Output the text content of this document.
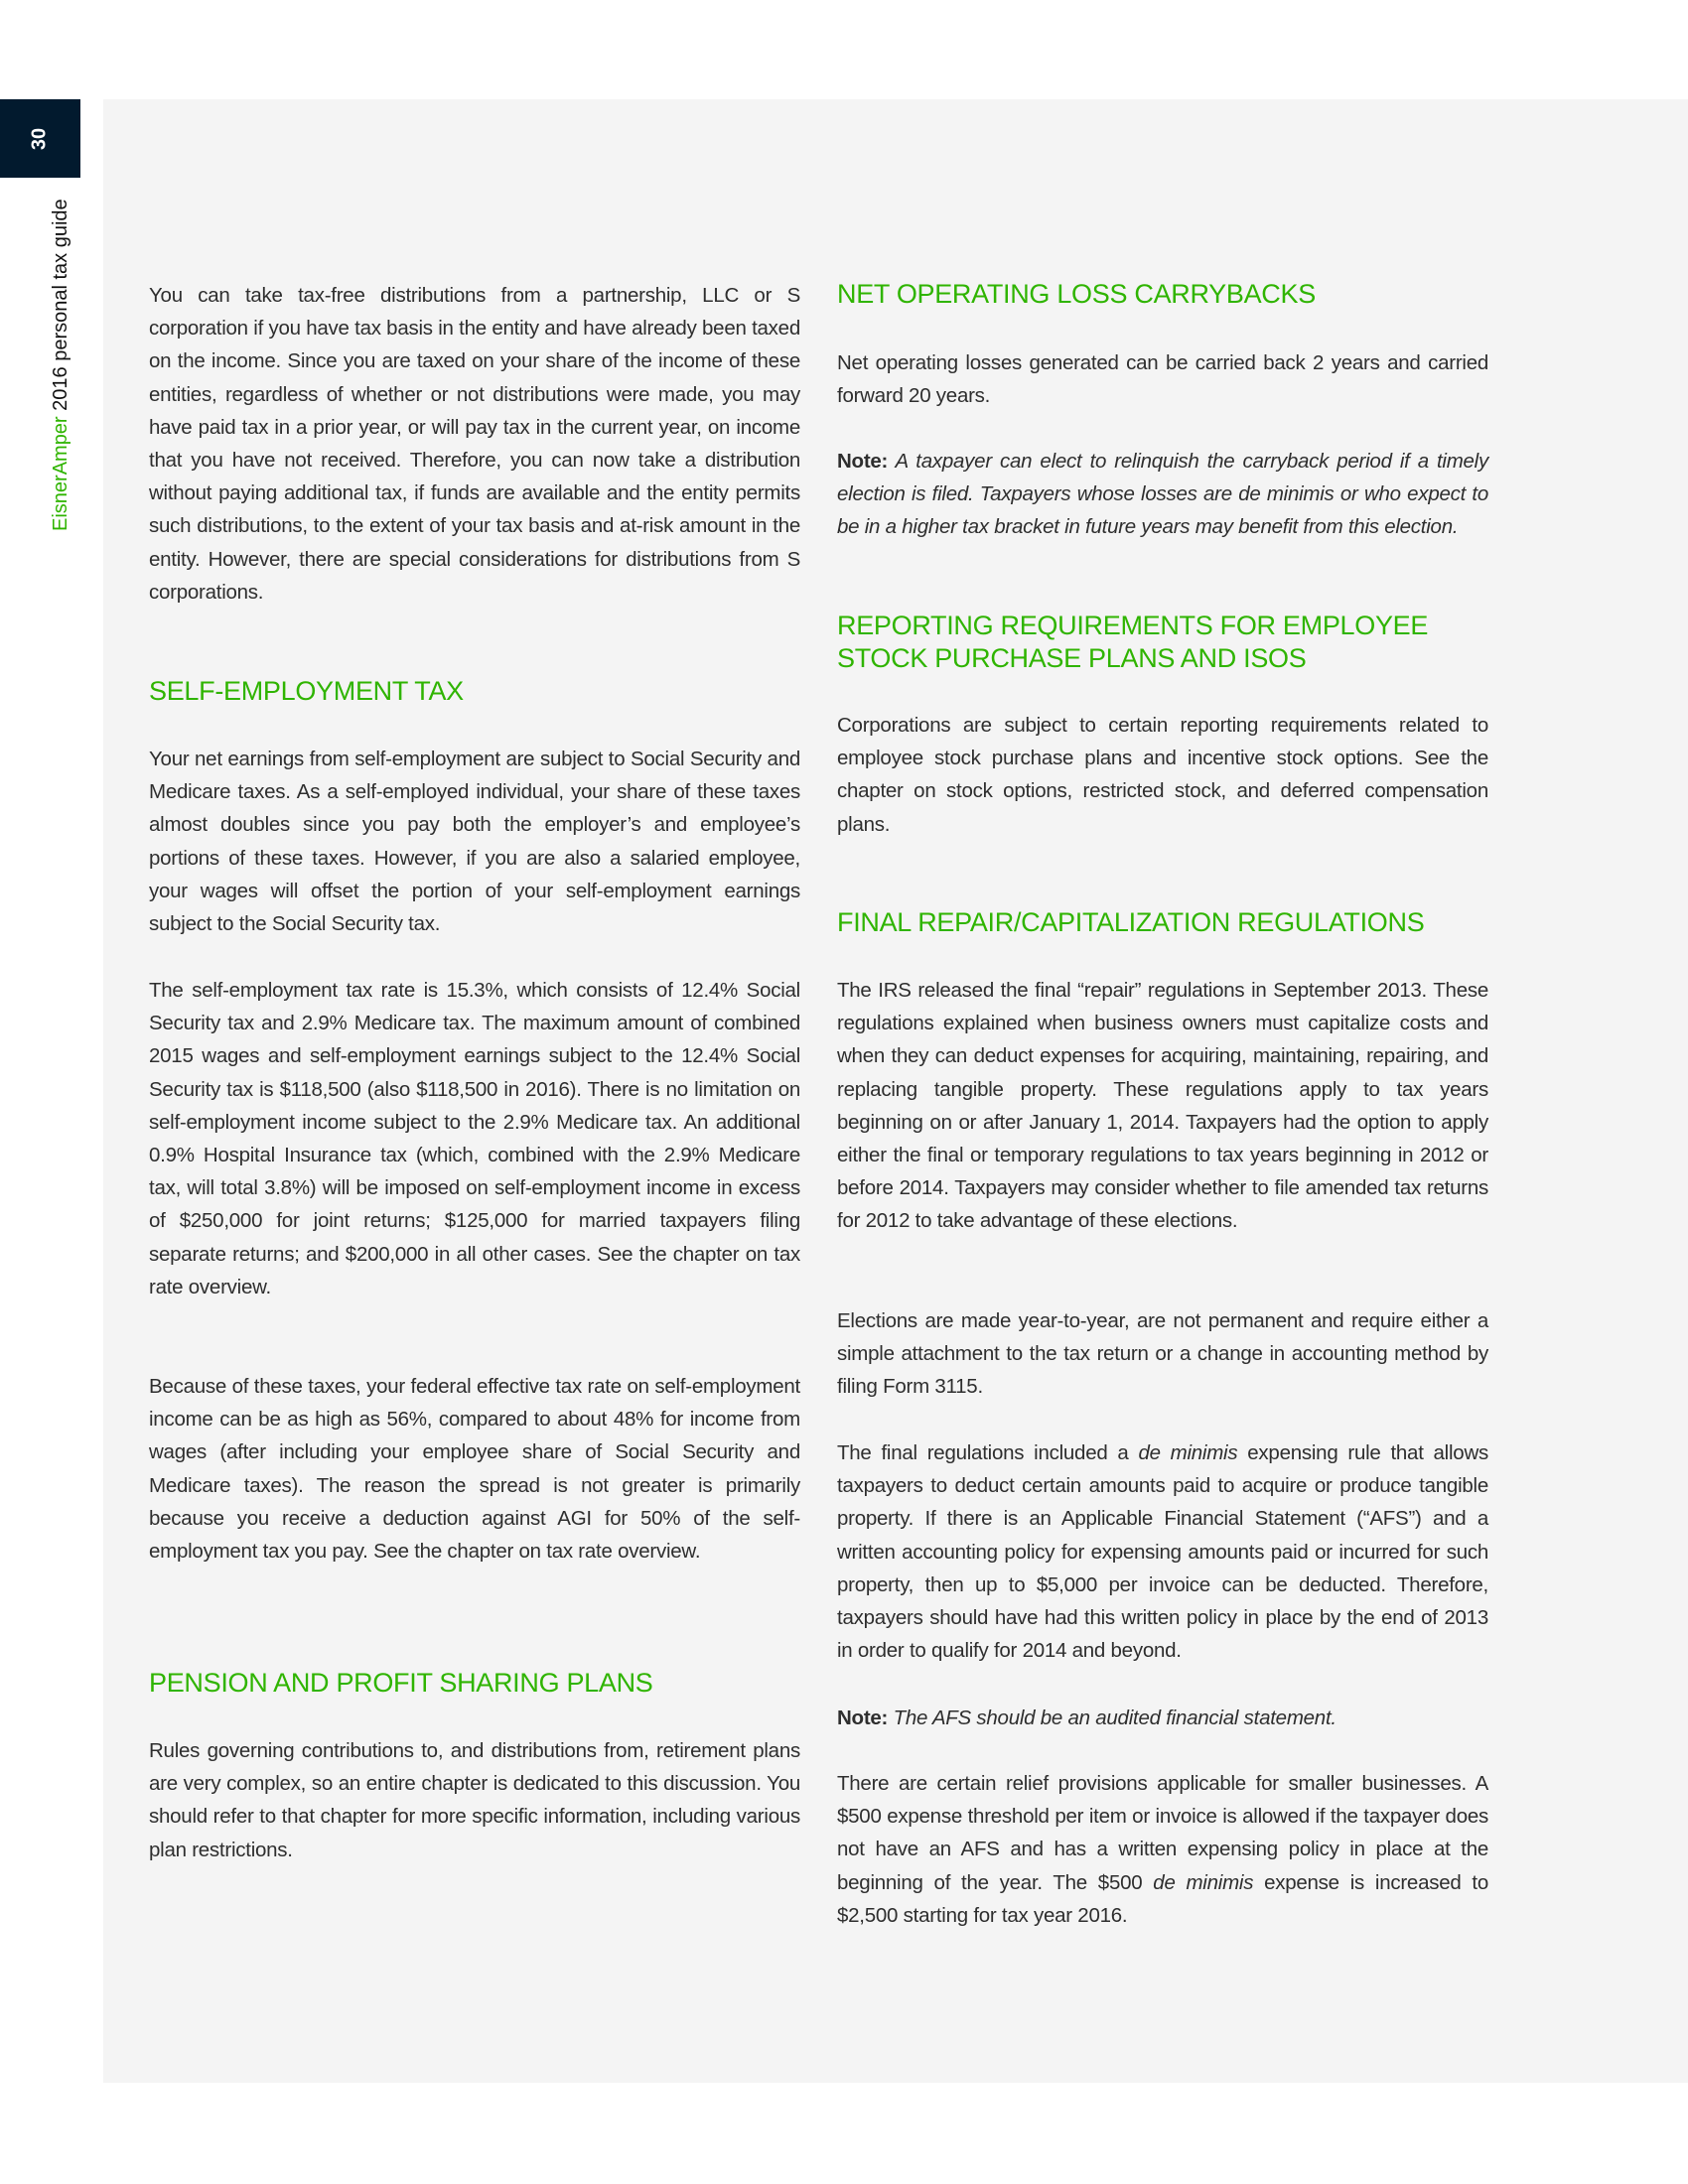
30
EisnerAmper 2016 personal tax guide	You can take tax-free distributions from a partnership, LLC or S corporation if you have tax basis in the entity and have already been taxed on the income. Since you are taxed on your share of the income of these entities, regardless of whether or not distributions were made, you may have paid tax in a prior year, or will pay tax in the current year, on income that you have not received. Therefore, you can now take a distribution without paying additional tax, if funds are available and the entity permits such distributions, to the extent of your tax basis and at-risk amount in the entity. However, there are special considerations for distributions from S corporations.

SELF-EMPLOYMENT TAX

Your net earnings from self-employment are subject to Social Security and Medicare taxes. As a self-employed individual, your share of these taxes almost doubles since you pay both the employer’s and employee’s portions of these taxes. However, if you are also a salaried employee, your wages will offset the portion of your self-employment earnings subject to the Social Security tax.

The self-employment tax rate is 15.3%, which consists of 12.4% Social Security tax and 2.9% Medicare tax. The maximum amount of combined 2015 wages and self-employment earnings subject to the 12.4% Social Security tax is $118,500 (also $118,500 in 2016). There is no limitation on self-employment income subject to the 2.9% Medicare tax. An additional 0.9% Hospital Insurance tax (which, combined with the 2.9% Medicare tax, will total 3.8%) will be imposed on self-employment income in excess of $250,000 for joint returns; $125,000 for married taxpayers filing separate returns; and $200,000 in all other cases. See the chapter on tax rate overview.

Because of these taxes, your federal effective tax rate on self-employment income can be as high as 56%, compared to about 48% for income from wages (after including your employee share of Social Security and Medicare taxes). The reason the spread is not greater is primarily because you receive a deduction against AGI for 50% of the self-employment tax you pay. See the chapter on tax rate overview.

PENSION AND PROFIT SHARING PLANS

Rules governing contributions to, and distributions from, retirement plans are very complex, so an entire chapter is dedicated to this discussion. You should refer to that chapter for more specific information, including various plan restrictions.

NET OPERATING LOSS CARRYBACKS

Net operating losses generated can be carried back 2 years and carried forward 20 years.

Note: A taxpayer can elect to relinquish the carryback period if a timely election is filed. Taxpayers whose losses are de minimis or who expect to be in a higher tax bracket in future years may benefit from this election.

REPORTING REQUIREMENTS FOR EMPLOYEE STOCK PURCHASE PLANS AND ISOS

Corporations are subject to certain reporting requirements related to employee stock purchase plans and incentive stock options. See the chapter on stock options, restricted stock, and deferred compensation plans.

FINAL REPAIR/CAPITALIZATION REGULATIONS

The IRS released the final “repair” regulations in September 2013. These regulations explained when business owners must capitalize costs and when they can deduct expenses for acquiring, maintaining, repairing, and replacing tangible property. These regulations apply to tax years beginning on or after January 1, 2014. Taxpayers had the option to apply either the final or temporary regulations to tax years beginning in 2012 or before 2014. Taxpayers may consider whether to file amended tax returns for 2012 to take advantage of these elections.

Elections are made year-to-year, are not permanent and require either a simple attachment to the tax return or a change in accounting method by filing Form 3115.

The final regulations included a de minimis expensing rule that allows taxpayers to deduct certain amounts paid to acquire or produce tangible property. If there is an Applicable Financial Statement (“AFS”) and a written accounting policy for expensing amounts paid or incurred for such property, then up to $5,000 per invoice can be deducted. Therefore, taxpayers should have had this written policy in place by the end of 2013 in order to qualify for 2014 and beyond.

Note: The AFS should be an audited financial statement.

There are certain relief provisions applicable for smaller businesses. A $500 expense threshold per item or invoice is allowed if the taxpayer does not have an AFS and has a written expensing policy in place at the beginning of the year. The $500 de minimis expense is increased to $2,500 starting for tax year 2016.
